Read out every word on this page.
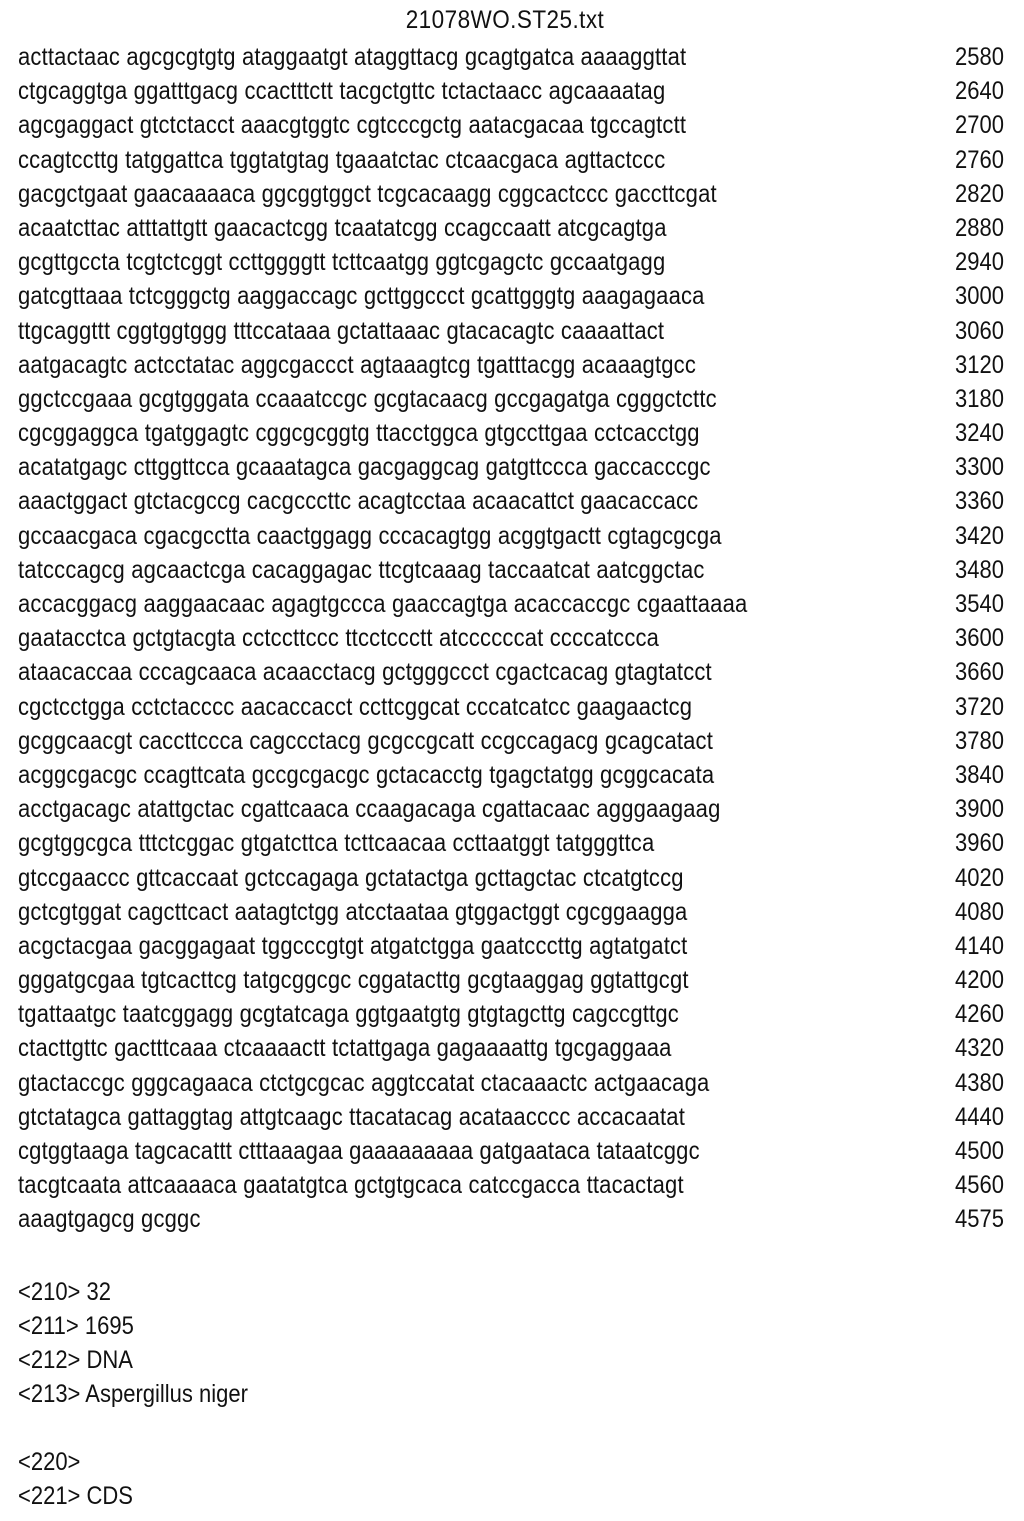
21078WO.ST25.txt
acttactaac agcgcgtgtg ataggaatgt ataggttacg gcagtgatca aaaaggttat	2580
ctgcaggtga ggatttgacg ccactttctt tacgctgttc tctactaacc agcaaaatag	2640
agcgaggact gtctctacct aaacgtggtc cgtcccgctg aatacgacaa tgccagtctt	2700
ccagtccttg tatggattca tggtatgtag tgaaatctac ctcaacgaca agttactccc	2760
gacgctgaat gaacaaaaca ggcggtggct tcgcacaagg cggcactccc gaccttcgat	2820
acaatcttac atttattgtt gaacactcgg tcaatatcgg ccagccaatt atcgcagtga	2880
gcgttgccta tcgtctcggt ccttggggtt tcttcaatgg ggtcgagctc gccaatgagg	2940
gatcgttaaa tctcgggctg aaggaccagc gcttggccct gcattgggtg aaagagaaca	3000
ttgcaggttt cggtggtggg tttccataaa gctattaaac gtacacagtc caaaattact	3060
aatgacagtc actcctatac aggcgaccct agtaaagtcg tgatttacgg acaaagtgcc	3120
ggctccgaaa gcgtgggata ccaaatccgc gcgtacaacg gccgagatga cgggctcttc	3180
cgcggaggca tgatggagtc cggcgcggtg ttacctggca gtgccttgaa cctcacctgg	3240
acatatgagc cttggttcca gcaaatagca gacgaggcag gatgttccca gaccacccgc	3300
aaactggact gtctacgccg cacgcccttc acagtcctaa acaacattct gaacaccacc	3360
gccaacgaca cgacgcctta caactggagg cccacagtgg acggtgactt cgtagcgcga	3420
tatcccagcg agcaactcga cacaggagac ttcgtcaaag taccaatcat aatcggctac	3480
accacggacg aaggaacaac agagtgccca gaaccagtga acaccaccgc cgaattaaaa	3540
gaatacctca gctgtacgta cctccttccc ttcctccctt atccccccat ccccatccca	3600
ataacaccaa cccagcaaca acaacctacg gctgggccct cgactcacag gtagtatcct	3660
cgctcctgga cctctacccc aacaccacct ccttcggcat cccatcatcc gaagaactcg	3720
gcggcaacgt caccttccca cagccctacg gcgccgcatt ccgccagacg gcagcatact	3780
acggcgacgc ccagttcata gccgcgacgc gctacacctg tgagctatgg gcggcacata	3840
acctgacagc atattgctac cgattcaaca ccaagacaga cgattacaac agggaagaag	3900
gcgtggcgca tttctcggac gtgatcttca tcttcaacaa ccttaatggt tatgggttca	3960
gtccgaaccc gttcaccaat gctccagaga gctatactga gcttagctac ctcatgtccg	4020
gctcgtggat cagcttcact aatagtctgg atcctaataa gtggactggt cgcggaagga	4080
acgctacgaa gacggagaat tggcccgtgt atgatctgga gaatcccttg agtatgatct	4140
gggatgcgaa tgtcacttcg tatgcggcgc cggatacttg gcgtaaggag ggtattgcgt	4200
tgattaatgc taatcggagg gcgtatcaga ggtgaatgtg gtgtagcttg cagccgttgc	4260
ctacttgttc gactttcaaa ctcaaaactt tctattgaga gagaaaattg tgcgaggaaa	4320
gtactaccgc gggcagaaca ctctgcgcac aggtccatat ctacaaactc actgaacaga	4380
gtctatagca gattaggtag attgtcaagc ttacatacag acataacccc accacaatat	4440
cgtggtaaga tagcacattt ctttaaagaa gaaaaaaaaa gatgaataca tataatcggc	4500
tacgtcaata attcaaaaca gaatatgtca gctgtgcaca catccgacca ttacactagt	4560
aaagtgagcg gcggc	4575
<210> 32
<211> 1695
<212> DNA
<213> Aspergillus niger
<220>
<221> CDS
